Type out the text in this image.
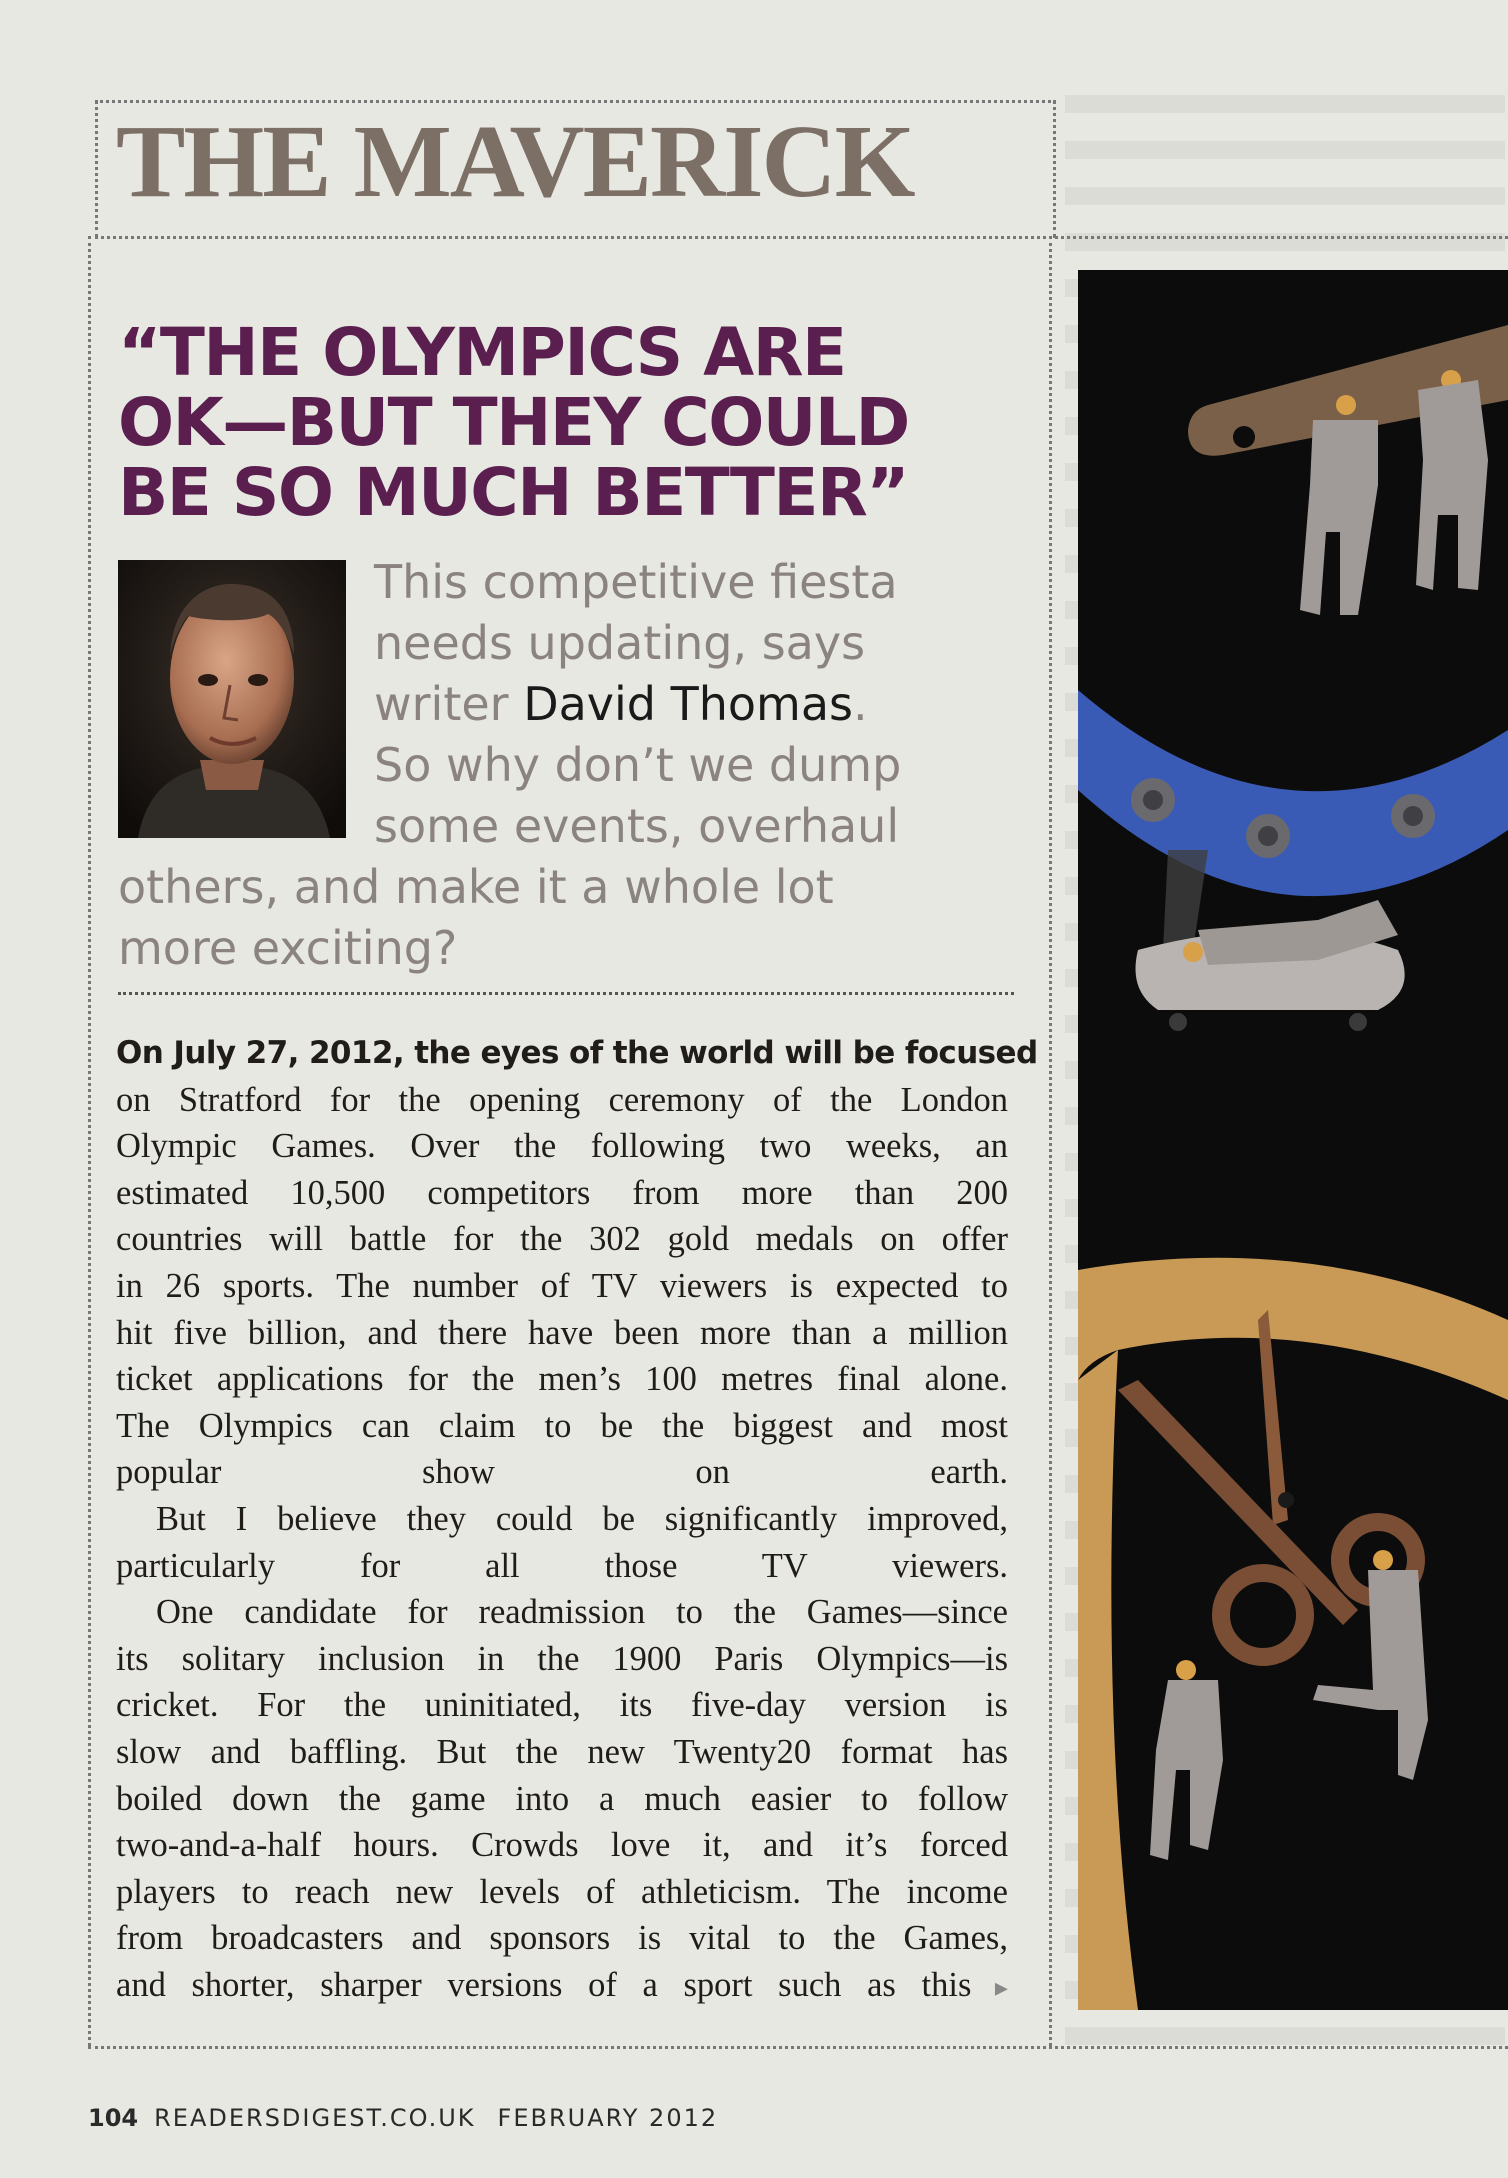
THE MAVERICK
“THE OLYMPICS ARE
OK—BUT THEY COULD
BE SO MUCH BETTER”

This competitive fiesta
needs updating, says
writer David Thomas.
So why don’t we dump
some events, overhaul
others, and make it a whole lot
more exciting?

On July 27, 2012, the eyes of the world will be focused
on Stratford for the opening ceremony of the London
Olympic Games. Over the following two weeks, an
estimated 10,500 competitors from more than 200
countries will battle for the 302 gold medals on offer
in 26 sports. The number of TV viewers is expected to
hit five billion, and there have been more than a million
ticket applications for the men’s 100 metres final alone.
The Olympics can claim to be the biggest and most
popular show on earth.

But I believe they could be significantly improved,
particularly for all those TV viewers.

One candidate for readmission to the Games—since
its solitary inclusion in the 1900 Paris Olympics—is
cricket. For the uninitiated, its five-day version is
slow and baffling. But the new Twenty20 format has
boiled down the game into a much easier to follow
two-and-a-half hours. Crowds love it, and it’s forced
players to reach new levels of athleticism. The income
from broadcasters and sponsors is vital to the Games,
and shorter, sharper versions of a sport such as this ▸

104 READERSDIGEST.CO.UK FEBRUARY 2012
